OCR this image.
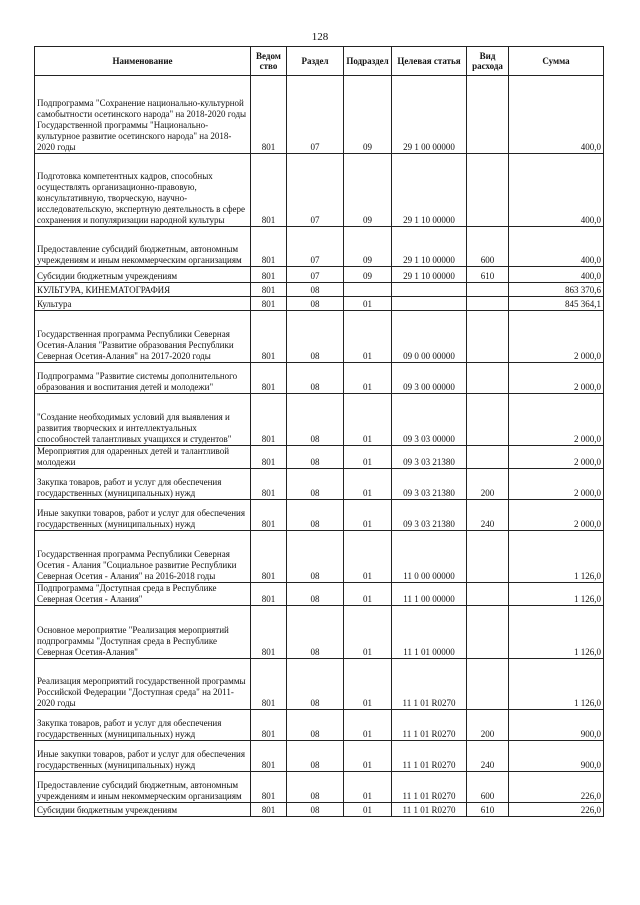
128
Наименование	Ведом ство	Раздел	Подраздел	Целевая статья	Вид расхода	Сумма
Подпрограмма "Сохранение национально-культурной самобытности осетинского народа" на 2018-2020 годы Государственной программы "Национально-культурное развитие осетинского народа" на 2018-2020 годы	801	07	09	29 1 00 00000		400,0
Подготовка компетентных кадров, способных осуществлять организационно-правовую, консультативную, творческую, научно-исследовательскую, экспертную деятельность в сфере сохранения и популяризации народной культуры	801	07	09	29 1 10 00000		400,0
Предоставление субсидий бюджетным, автономным учреждениям и иным некоммерческим организациям	801	07	09	29 1 10 00000	600	400,0
Субсидии бюджетным учреждениям	801	07	09	29 1 10 00000	610	400,0
КУЛЬТУРА, КИНЕМАТОГРАФИЯ	801	08				863 370,6
Культура	801	08	01			845 364,1
Государственная программа Республики Северная Осетия-Алания "Развитие образования Республики Северная Осетия-Алания" на 2017-2020 годы	801	08	01	09 0 00 00000		2 000,0
Подпрограмма "Развитие системы дополнительного образования и воспитания детей и молодежи"	801	08	01	09 3 00 00000		2 000,0
"Создание необходимых условий для выявления и развития творческих и интеллектуальных способностей талантливых учащихся и студентов"	801	08	01	09 3 03 00000		2 000,0
Мероприятия для одаренных детей и талантливой молодежи	801	08	01	09 3 03 21380		2 000,0
Закупка товаров, работ и услуг для обеспечения государственных (муниципальных) нужд	801	08	01	09 3 03 21380	200	2 000,0
Иные закупки товаров, работ и услуг для обеспечения государственных (муниципальных) нужд	801	08	01	09 3 03 21380	240	2 000,0
Государственная программа Республики Северная Осетия - Алания "Социальное развитие Республики Северная Осетия - Алания" на 2016-2018 годы	801	08	01	11 0 00 00000		1 126,0
Подпрограмма "Доступная среда в Республике Северная Осетия - Алания"	801	08	01	11 1 00 00000		1 126,0
Основное мероприятие "Реализация мероприятий подпрограммы "Доступная среда в Республике Северная Осетия-Алания"	801	08	01	11 1 01 00000		1 126,0
Реализация мероприятий государственной программы Российской Федерации "Доступная среда" на 2011-2020 годы	801	08	01	11 1 01 R0270		1 126,0
Закупка товаров, работ и услуг для обеспечения государственных (муниципальных) нужд	801	08	01	11 1 01 R0270	200	900,0
Иные закупки товаров, работ и услуг для обеспечения государственных (муниципальных) нужд	801	08	01	11 1 01 R0270	240	900,0
Предоставление субсидий бюджетным, автономным учреждениям и иным некоммерческим организациям	801	08	01	11 1 01 R0270	600	226,0
Субсидии бюджетным учреждениям	801	08	01	11 1 01 R0270	610	226,0
